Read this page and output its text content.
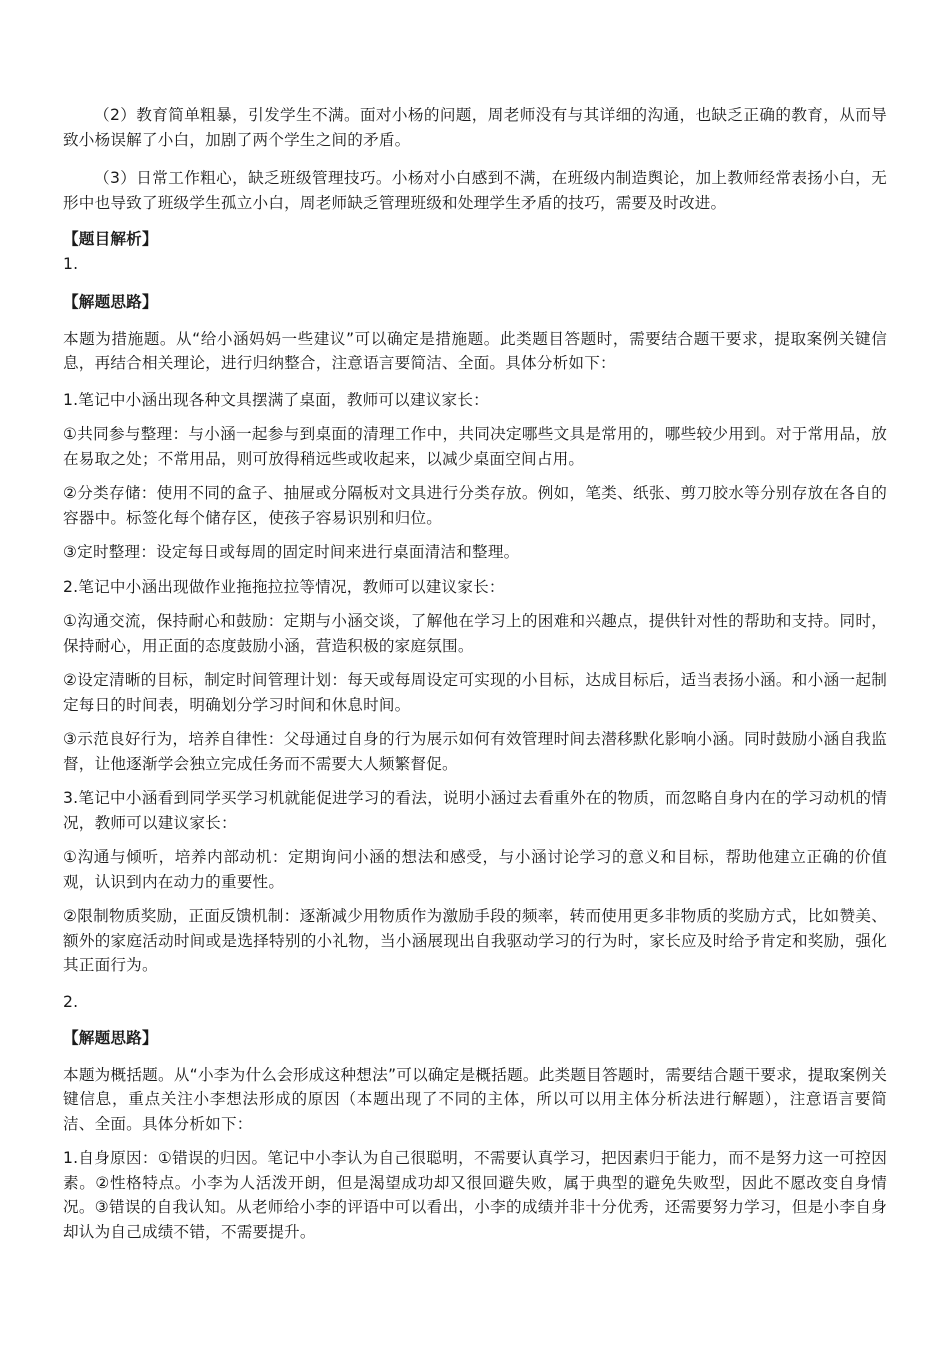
（2）教育简单粗暴，引发学生不满。面对小杨的问题，周老师没有与其详细的沟通，也缺乏正确的教育，从而导致小杨误解了小白，加剧了两个学生之间的矛盾。

（3）日常工作粗心，缺乏班级管理技巧。小杨对小白感到不满，在班级内制造舆论，加上教师经常表扬小白，无形中也导致了班级学生孤立小白，周老师缺乏管理班级和处理学生矛盾的技巧，需要及时改进。

【题目解析】

1.

【解题思路】

本题为措施题。从“给小涵妈妈一些建议”可以确定是措施题。此类题目答题时，需要结合题干要求，提取案例关键信息，再结合相关理论，进行归纳整合，注意语言要简洁、全面。具体分析如下：

1.笔记中小涵出现各种文具摆满了桌面，教师可以建议家长：

①共同参与整理：与小涵一起参与到桌面的清理工作中，共同决定哪些文具是常用的，哪些较少用到。对于常用品，放在易取之处；不常用品，则可放得稍远些或收起来，以减少桌面空间占用。

②分类存储：使用不同的盒子、抽屉或分隔板对文具进行分类存放。例如，笔类、纸张、剪刀胶水等分别存放在各自的容器中。标签化每个储存区，使孩子容易识别和归位。

③定时整理：设定每日或每周的固定时间来进行桌面清洁和整理。

2.笔记中小涵出现做作业拖拖拉拉等情况，教师可以建议家长：

①沟通交流，保持耐心和鼓励：定期与小涵交谈，了解他在学习上的困难和兴趣点，提供针对性的帮助和支持。同时，保持耐心，用正面的态度鼓励小涵，营造积极的家庭氛围。

②设定清晰的目标，制定时间管理计划：每天或每周设定可实现的小目标，达成目标后，适当表扬小涵。和小涵一起制定每日的时间表，明确划分学习时间和休息时间。

③示范良好行为，培养自律性：父母通过自身的行为展示如何有效管理时间去潜移默化影响小涵。同时鼓励小涵自我监督，让他逐渐学会独立完成任务而不需要大人频繁督促。

3.笔记中小涵看到同学买学习机就能促进学习的看法，说明小涵过去看重外在的物质，而忽略自身内在的学习动机的情况，教师可以建议家长：

①沟通与倾听，培养内部动机：定期询问小涵的想法和感受，与小涵讨论学习的意义和目标，帮助他建立正确的价值观，认识到内在动力的重要性。

②限制物质奖励，正面反馈机制：逐渐减少用物质作为激励手段的频率，转而使用更多非物质的奖励方式，比如赞美、额外的家庭活动时间或是选择特别的小礼物，当小涵展现出自我驱动学习的行为时，家长应及时给予肯定和奖励，强化其正面行为。

2.

【解题思路】

本题为概括题。从“小李为什么会形成这种想法”可以确定是概括题。此类题目答题时，需要结合题干要求，提取案例关键信息，重点关注小李想法形成的原因（本题出现了不同的主体，所以可以用主体分析法进行解题），注意语言要简洁、全面。具体分析如下：

1.自身原因：①错误的归因。笔记中小李认为自己很聪明，不需要认真学习，把因素归于能力，而不是努力这一可控因素。②性格特点。小李为人活泼开朗，但是渴望成功却又很回避失败，属于典型的避免失败型，因此不愿改变自身情况。③错误的自我认知。从老师给小李的评语中可以看出，小李的成绩并非十分优秀，还需要努力学习，但是小李自身却认为自己成绩不错，不需要提升。
